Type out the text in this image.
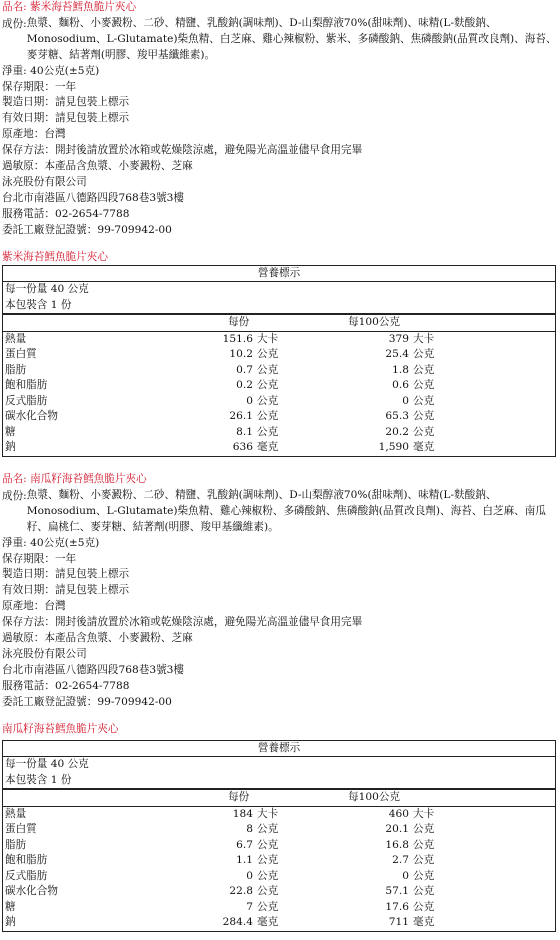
品名: 紫米海苔鱈魚脆片夾心
成份: 魚漿、麵粉、小麥澱粉、二砂、精鹽、乳酸鈉(調味劑)、D-山梨醇液70%(甜味劑)、味精(L-麩酸鈉、Monosodium、L-Glutamate)柴魚精、白芝麻、雞心辣椒粉、紫米、多磷酸鈉、焦磷酸鈉(品質改良劑)、海苔、麥芽糖、結著劑(明膠、羧甲基纖維素)。
淨重: 40公克(±5克)
保存期限：一年
製造日期：請見包裝上標示
有效日期：請見包裝上標示
原產地：台灣
保存方法：開封後請放置於冰箱或乾燥陰涼處，避免陽光高溫並儘早食用完畢
過敏原：本產品含魚漿、小麥澱粉、芝麻
泳亮股份有限公司
台北市南港區八德路四段768巷3號3樓
服務電話：02-2654-7788
委託工廠登記證號：99-709942-00
紫米海苔鱈魚脆片夾心
營養標示
每一份量 40 公克
本包裝含 1 份
每份	每100公克
熱量	151.6 大卡	379 大卡
蛋白質	10.2 公克	25.4 公克
脂肪	0.7 公克	1.8 公克
飽和脂肪	0.2 公克	0.6 公克
反式脂肪	0 公克	0 公克
碳水化合物	26.1 公克	65.3 公克
糖	8.1 公克	20.2 公克
鈉	636 毫克	1,590 毫克
品名: 南瓜籽海苔鱈魚脆片夾心
成份: 魚漿、麵粉、小麥澱粉、二砂、精鹽、乳酸鈉(調味劑)、D-山梨醇液70%(甜味劑)、味精(L-麩酸鈉、Monosodium、L-Glutamate)柴魚精、雞心辣椒粉、多磷酸鈉、焦磷酸鈉(品質改良劑)、海苔、白芝麻、南瓜籽、扁桃仁、麥芽糖、結著劑(明膠、羧甲基纖維素)。
淨重: 40公克(±5克)
保存期限：一年
製造日期：請見包裝上標示
有效日期：請見包裝上標示
原產地：台灣
保存方法：開封後請放置於冰箱或乾燥陰涼處，避免陽光高溫並儘早食用完畢
過敏原：本產品含魚漿、小麥澱粉、芝麻
泳亮股份有限公司
台北市南港區八德路四段768巷3號3樓
服務電話：02-2654-7788
委託工廠登記證號：99-709942-00
南瓜籽海苔鱈魚脆片夾心
營養標示
每一份量 40 公克
本包裝含 1 份
每份	每100公克
熱量	184 大卡	460 大卡
蛋白質	8 公克	20.1 公克
脂肪	6.7 公克	16.8 公克
飽和脂肪	1.1 公克	2.7 公克
反式脂肪	0 公克	0 公克
碳水化合物	22.8 公克	57.1 公克
糖	7 公克	17.6 公克
鈉	284.4 毫克	711 毫克
